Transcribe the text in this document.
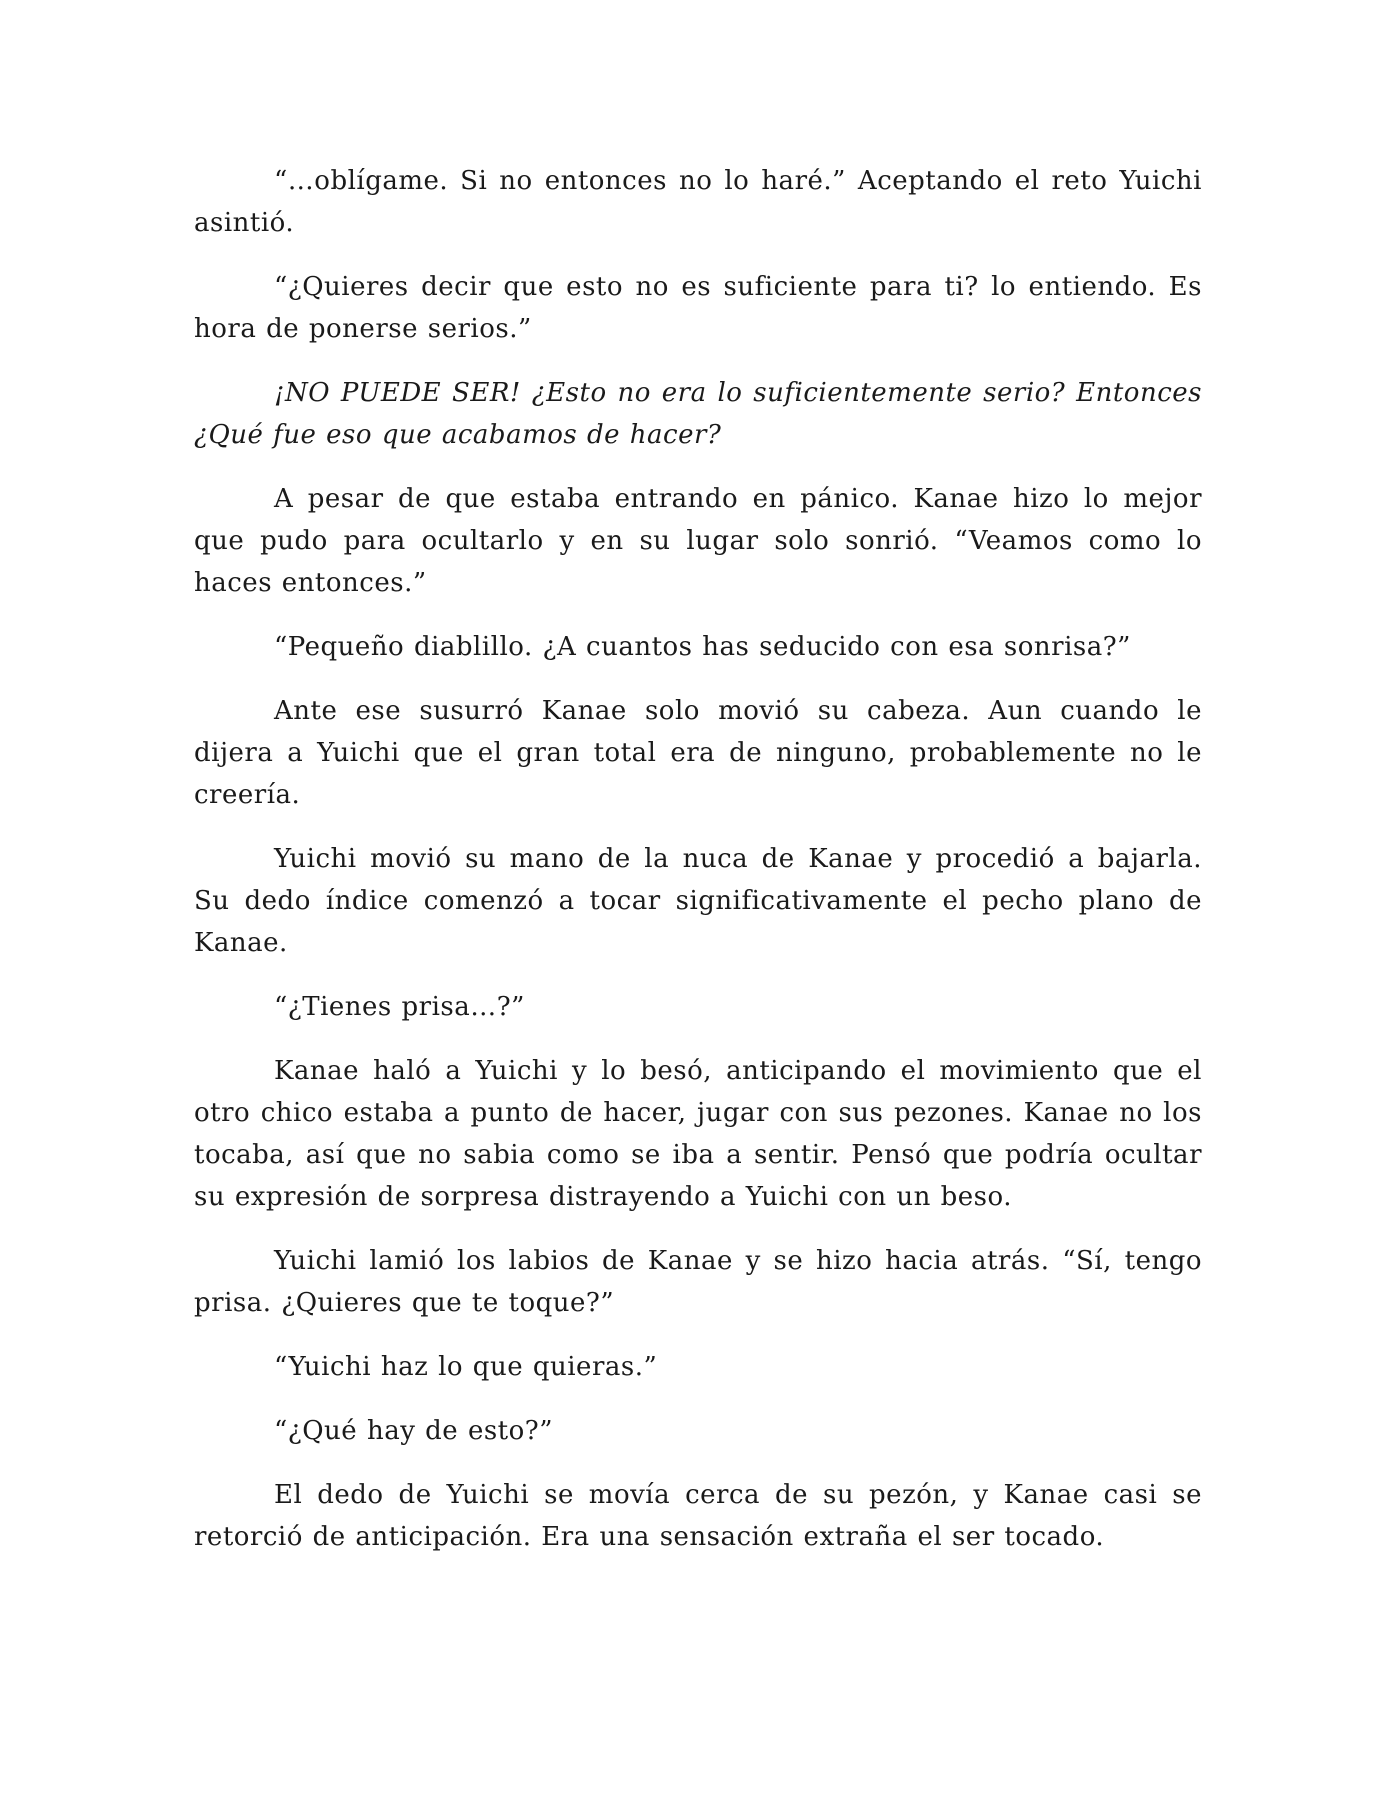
“…oblígame. Si no entonces no lo haré.” Aceptando el reto Yuichi asintió.

“¿Quieres decir que esto no es suficiente para ti? lo entiendo. Es hora de ponerse serios.”

¡NO PUEDE SER! ¿Esto no era lo suficientemente serio? Entonces ¿Qué fue eso que acabamos de hacer?

A pesar de que estaba entrando en pánico. Kanae hizo lo mejor que pudo para ocultarlo y en su lugar solo sonrió. “Veamos como lo haces entonces.”

“Pequeño diablillo. ¿A cuantos has seducido con esa sonrisa?”

Ante ese susurró Kanae solo movió su cabeza. Aun cuando le dijera a Yuichi que el gran total era de ninguno, probablemente no le creería.

Yuichi movió su mano de la nuca de Kanae y procedió a bajarla. Su dedo índice comenzó a tocar significativamente el pecho plano de Kanae.

“¿Tienes prisa…?”

Kanae haló a Yuichi y lo besó, anticipando el movimiento que el otro chico estaba a punto de hacer, jugar con sus pezones. Kanae no los tocaba, así que no sabia como se iba a sentir. Pensó que podría ocultar su expresión de sorpresa distrayendo a Yuichi con un beso.

Yuichi lamió los labios de Kanae y se hizo hacia atrás. “Sí, tengo prisa. ¿Quieres que te toque?”

“Yuichi haz lo que quieras.”

“¿Qué hay de esto?”

El dedo de Yuichi se movía cerca de su pezón, y Kanae casi se retorció de anticipación. Era una sensación extraña el ser tocado.
